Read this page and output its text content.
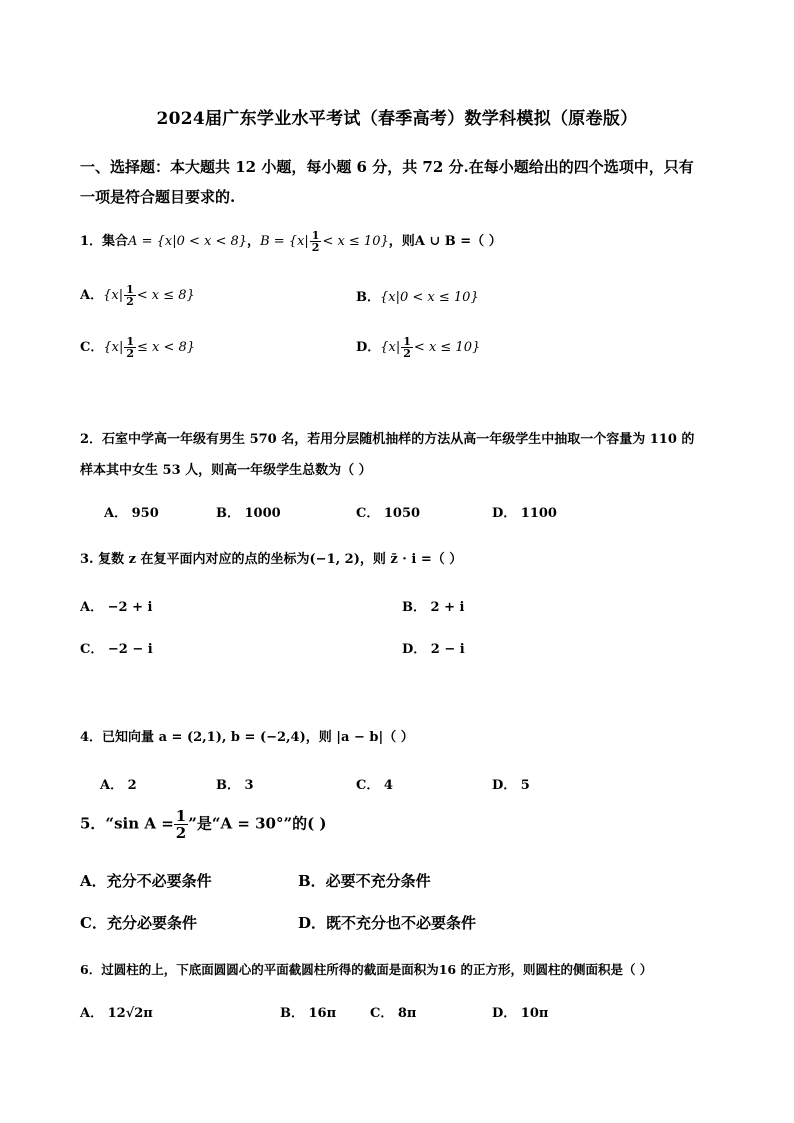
2024届广东学业水平考试（春季高考）数学科模拟（原卷版）
一、选择题：本大题共 12 小题，每小题 6 分，共 72 分.在每小题给出的四个选项中，只有
一项是符合题目要求的.
1．集合A = {x|0 < x < 8}，$B = \{x| \frac{1}{2} < x \le 10\}$，则A ∪ B =（ ）
A．$\{x| \frac{1}{2} < x \le 8\}$	B．{x|0 < x ≤ 10}
C．$\{x| \frac{1}{2} \le x < 8\}$	D．$\{x| \frac{1}{2} < x \le 10\}$
2．石室中学高一年级有男生 570 名，若用分层随机抽样的方法从高一年级学生中抽取一个容量为 110 的
样本其中女生 53 人，则高一年级学生总数为（ ）
A． 950	B． 1000	C． 1050	D． 1100
3. 复数 z 在复平面内对应的点的坐标为(−1, 2)，则 z̄ · i =（ ）
A． −2 + i	B． 2 + i
C． −2 − i	D． 2 − i
4．已知向量 a = (2,1), b = (−2,4)，则 |a − b|（ ）
A． 2	B． 3	C． 4	D． 5
5．“sin $A = \frac{1}{2}$ ”是“A = 30°”的( )
A．充分不必要条件	B．必要不充分条件
C．充分必要条件	D．既不充分也不必要条件
6．过圆柱的上，下底面圆圆心的平面截圆柱所得的截面是面积为16 的正方形，则圆柱的侧面积是（ ）
A． 12√2π	B． 16π	C． 8π	D． 10π
